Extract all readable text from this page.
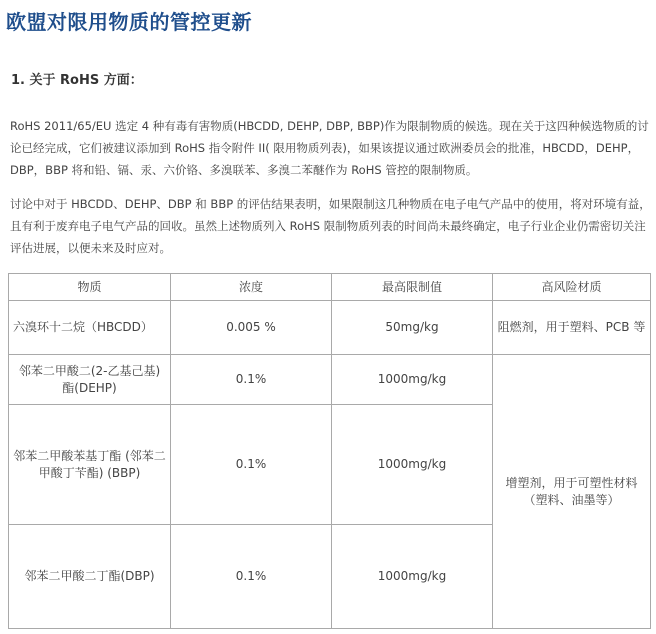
欧盟对限用物质的管控更新
1. 关于 RoHS 方面：

RoHS 2011/65/EU 选定 4 种有毒有害物质(HBCDD, DEHP, DBP, BBP)作为限制物质的候选。现在关于这四种候选物质的讨论已经完成，它们被建议添加到 RoHS 指令附件 II( 限用物质列表)，如果该提议通过欧洲委员会的批准，HBCDD，DEHP，DBP，BBP 将和铅、镉、汞、六价铬、多溴联苯、多溴二苯醚作为 RoHS 管控的限制物质。

讨论中对于 HBCDD、DEHP、DBP 和 BBP 的评估结果表明，如果限制这几种物质在电子电气产品中的使用，将对环境有益，且有利于废弃电子电气产品的回收。虽然上述物质列入 RoHS 限制物质列表的时间尚未最终确定，电子行业企业仍需密切关注评估进展，以便未来及时应对。

物质	浓度	最高限制值	高风险材质
六溴环十二烷（HBCDD）	0.005 %	50mg/kg	阻燃剂，用于塑料、PCB 等
邻苯二甲酸二(2-乙基己基)酯(DEHP)	0.1%	1000mg/kg	增塑剂，用于可塑性材料（塑料、油墨等）
邻苯二甲酸苯基丁酯 (邻苯二甲酸丁苄酯) (BBP)	0.1%	1000mg/kg	
邻苯二甲酸二丁酯(DBP)	0.1%	1000mg/kg	
